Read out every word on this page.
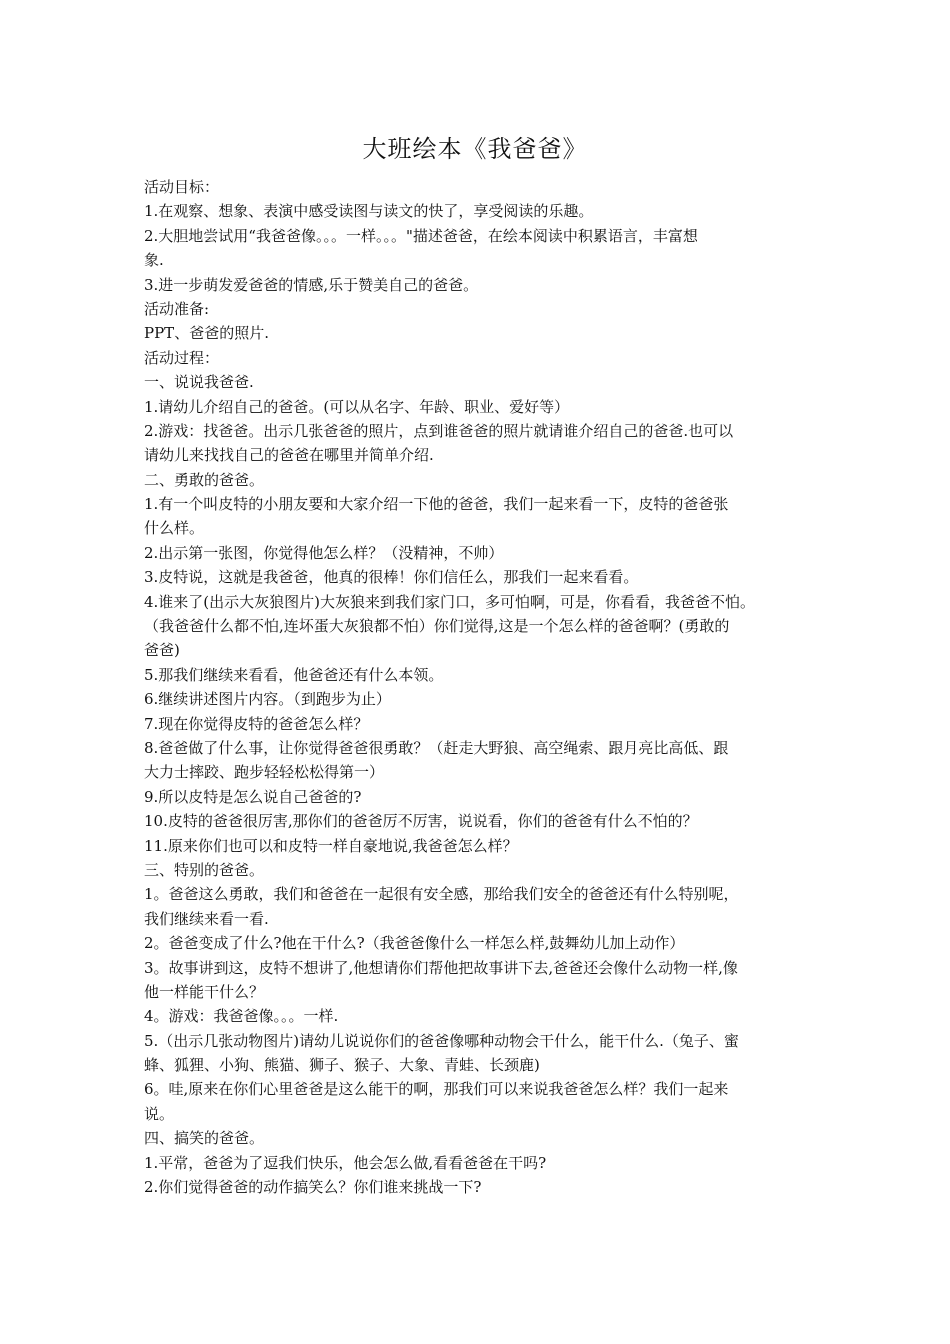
大班绘本《我爸爸》
活动目标：
1.在观察、想象、表演中感受读图与读文的快了，享受阅读的乐趣。
2.大胆地尝试用“我爸爸像。。。一样。。。"描述爸爸，在绘本阅读中积累语言，丰富想
象.
3.进一步萌发爱爸爸的情感,乐于赞美自己的爸爸。
活动准备:
PPT、爸爸的照片.
活动过程：
一、说说我爸爸.
1.请幼儿介绍自己的爸爸。(可以从名字、年龄、职业、爱好等）
2.游戏：找爸爸。出示几张爸爸的照片，点到谁爸爸的照片就请谁介绍自己的爸爸.也可以
请幼儿来找找自己的爸爸在哪里并简单介绍.
二、勇敢的爸爸。
1.有一个叫皮特的小朋友要和大家介绍一下他的爸爸，我们一起来看一下，皮特的爸爸张
什么样。
2.出示第一张图，你觉得他怎么样？（没精神，不帅）
3.皮特说，这就是我爸爸，他真的很棒！你们信任么，那我们一起来看看。
4.谁来了(出示大灰狼图片)大灰狼来到我们家门口，多可怕啊，可是，你看看，我爸爸不怕。
（我爸爸什么都不怕,连坏蛋大灰狼都不怕）你们觉得,这是一个怎么样的爸爸啊？(勇敢的
爸爸)
5.那我们继续来看看，他爸爸还有什么本领。
6.继续讲述图片内容。（到跑步为止）
7.现在你觉得皮特的爸爸怎么样？
8.爸爸做了什么事，让你觉得爸爸很勇敢？（赶走大野狼、高空绳索、跟月亮比高低、跟
大力士摔跤、跑步轻轻松松得第一）
9.所以皮特是怎么说自己爸爸的?
10.皮特的爸爸很厉害,那你们的爸爸厉不厉害，说说看，你们的爸爸有什么不怕的？
11.原来你们也可以和皮特一样自豪地说,我爸爸怎么样？
三、特别的爸爸。
1。爸爸这么勇敢，我们和爸爸在一起很有安全感，那给我们安全的爸爸还有什么特别呢，
我们继续来看一看.
2。爸爸变成了什么?他在干什么?（我爸爸像什么一样怎么样,鼓舞幼儿加上动作）
3。故事讲到这，皮特不想讲了,他想请你们帮他把故事讲下去,爸爸还会像什么动物一样,像
他一样能干什么？
4。游戏：我爸爸像。。。一样.
5.（出示几张动物图片)请幼儿说说你们的爸爸像哪种动物会干什么，能干什么.（兔子、蜜
蜂、狐狸、小狗、熊猫、狮子、猴子、大象、青蛙、长颈鹿)
6。哇,原来在你们心里爸爸是这么能干的啊，那我们可以来说我爸爸怎么样？我们一起来
说。
四、搞笑的爸爸。
1.平常，爸爸为了逗我们快乐，他会怎么做,看看爸爸在干吗?
2.你们觉得爸爸的动作搞笑么？你们谁来挑战一下?
